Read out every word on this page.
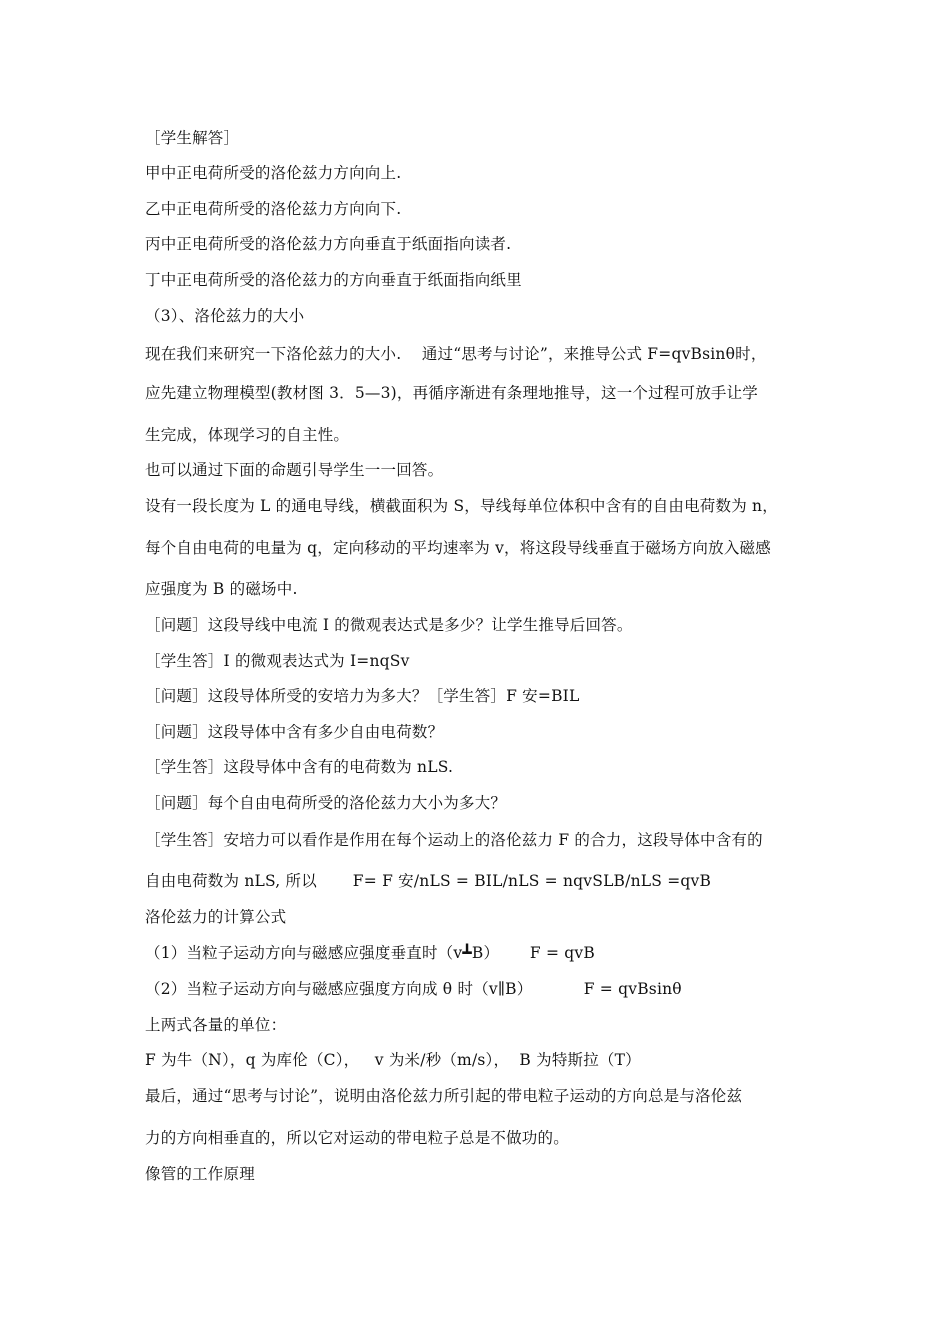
［学生解答］
甲中正电荷所受的洛伦兹力方向向上.
乙中正电荷所受的洛伦兹力方向向下.
丙中正电荷所受的洛伦兹力方向垂直于纸面指向读者.
丁中正电荷所受的洛伦兹力的方向垂直于纸面指向纸里
（3）、洛伦兹力的大小
现在我们来研究一下洛伦兹力的大小.    通过“思考与讨论”，来推导公式 F=qvBsinθ时，
应先建立物理模型(教材图 3．5—3)，再循序渐进有条理地推导，这一个过程可放手让学
生完成，体现学习的自主性。
也可以通过下面的命题引导学生一一回答。
设有一段长度为 L 的通电导线，横截面积为 S，导线每单位体积中含有的自由电荷数为 n，
每个自由电荷的电量为 q，定向移动的平均速率为 v，将这段导线垂直于磁场方向放入磁感
应强度为 B 的磁场中.
［问题］这段导线中电流 I 的微观表达式是多少？让学生推导后回答。
［学生答］I 的微观表达式为 I=nqSv
［问题］这段导体所受的安培力为多大？［学生答］F 安=BIL
［问题］这段导体中含有多少自由电荷数？
［学生答］这段导体中含有的电荷数为 nLS.
［问题］每个自由电荷所受的洛伦兹力大小为多大？
［学生答］安培力可以看作是作用在每个运动上的洛伦兹力 F 的合力，这段导体中含有的
自由电荷数为 nLS, 所以       F= F 安/nLS = BIL/nLS = nqvSLB/nLS =qvB
洛伦兹力的计算公式
（1）当粒子运动方向与磁感应强度垂直时（v┻B）      F = qvB
（2）当粒子运动方向与磁感应强度方向成 θ 时（v∥B）          F = qvBsinθ
上两式各量的单位：
F 为牛（N），q 为库伦（C），   v 为米/秒（m/s），  B 为特斯拉（T）
最后，通过“思考与讨论”，说明由洛伦兹力所引起的带电粒子运动的方向总是与洛伦兹
力的方向相垂直的，所以它对运动的带电粒子总是不做功的。
像管的工作原理
